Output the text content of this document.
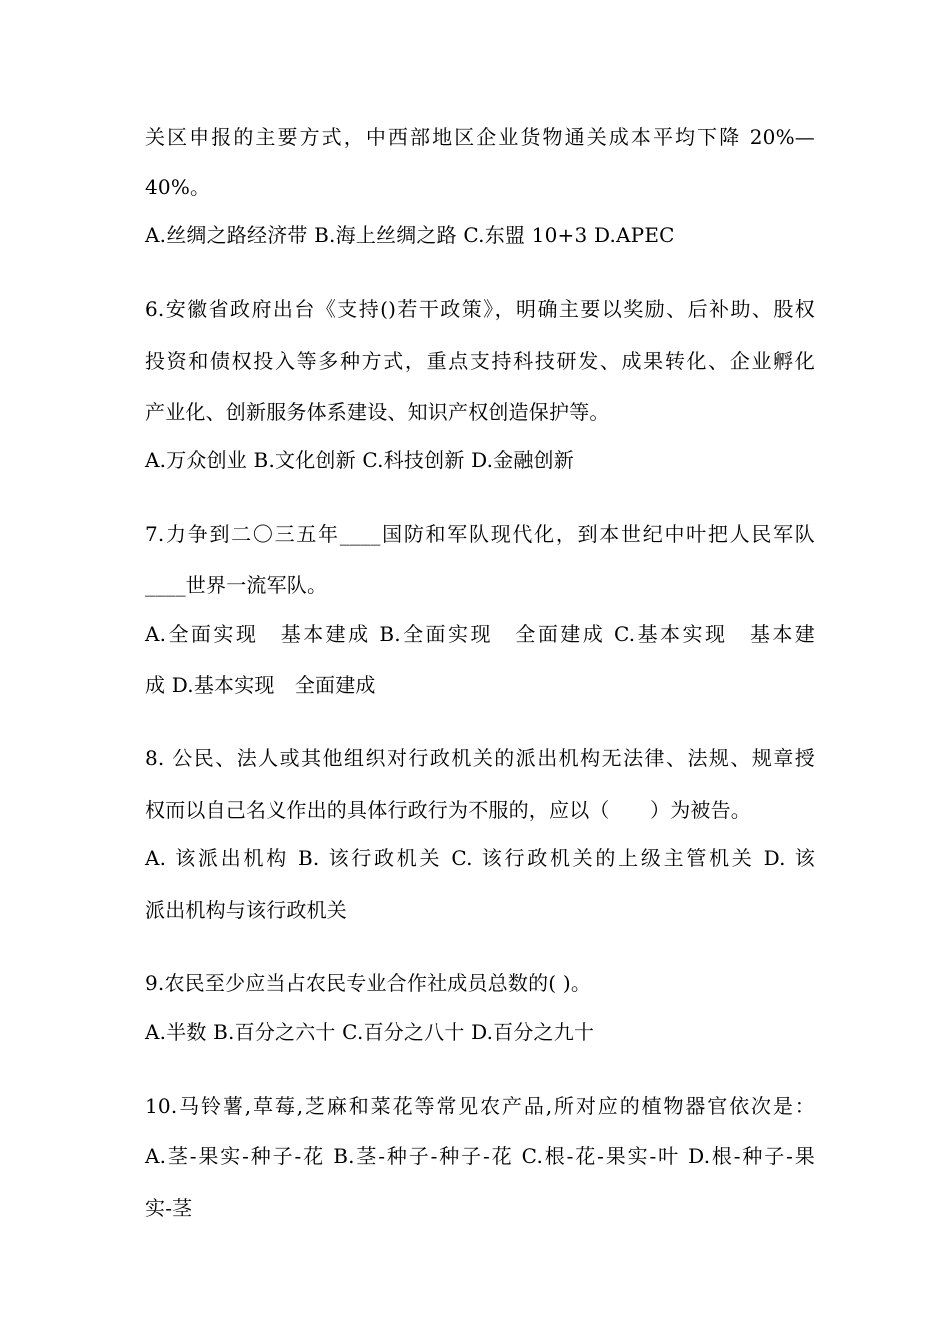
关区申报的主要方式，中西部地区企业货物通关成本平均下降 20%—
40%。
A.丝绸之路经济带 B.海上丝绸之路 C.东盟 10+3 D.APEC
6.安徽省政府出台《支持()若干政策》，明确主要以奖励、后补助、股权
投资和债权投入等多种方式，重点支持科技研发、成果转化、企业孵化
产业化、创新服务体系建设、知识产权创造保护等。
A.万众创业 B.文化创新 C.科技创新 D.金融创新
7.力争到二〇三五年____国防和军队现代化，到本世纪中叶把人民军队
____世界一流军队。
A.全面实现　基本建成 B.全面实现　全面建成 C.基本实现　基本建
成 D.基本实现　全面建成
8. 公民、法人或其他组织对行政机关的派出机构无法律、法规、规章授
权而以自己名义作出的具体行政行为不服的，应以（　　）为被告。
A. 该派出机构 B. 该行政机关 C. 该行政机关的上级主管机关 D. 该
派出机构与该行政机关
9.农民至少应当占农民专业合作社成员总数的( )。
A.半数 B.百分之六十 C.百分之八十 D.百分之九十
10.马铃薯,草莓,芝麻和菜花等常见农产品,所对应的植物器官依次是：
A.茎-果实-种子-花 B.茎-种子-种子-花 C.根-花-果实-叶 D.根-种子-果
实-茎
